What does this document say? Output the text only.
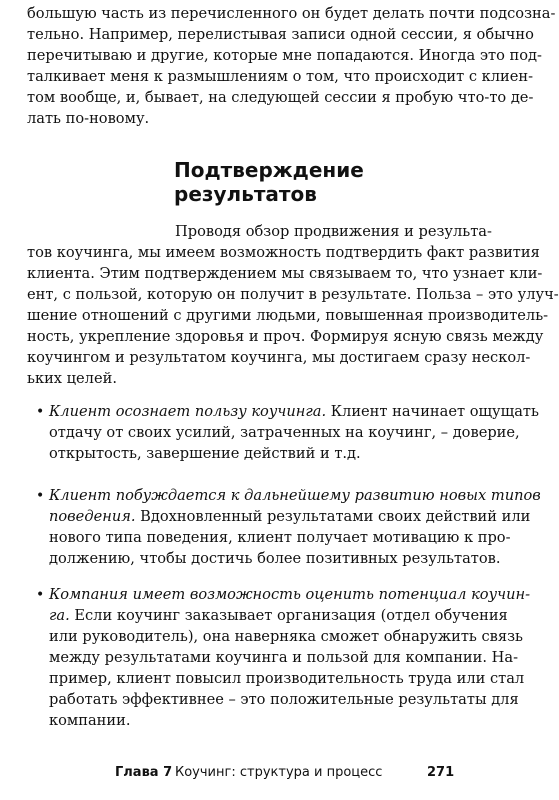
большую часть из перечисленного он будет делать почти подсозна-
тельно. Например, перелистывая записи одной сессии, я обычно
перечитываю и другие, которые мне попадаются. Иногда это под-
талкивает меня к размышлениям о том, что происходит с клиен-
том вообще, и, бывает, на следующей сессии я пробую что-то де-
лать по-новому.
Подтверждение
результатов
Проводя обзор продвижения и результа-
тов коучинга, мы имеем возможность подтвердить факт развития
клиента. Этим подтверждением мы связываем то, что узнает кли-
ент, с пользой, которую он получит в результате. Польза – это улуч-
шение отношений с другими людьми, повышенная производитель-
ность, укрепление здоровья и проч. Формируя ясную связь между
коучингом и результатом коучинга, мы достигаем сразу нескол-
ьких целей.
• Клиент осознает пользу коучинга. Клиент начинает ощущать
отдачу от своих усилий, затраченных на коучинг, – доверие,
открытость, завершение действий и т.д.
• Клиент побуждается к дальнейшему развитию новых типов
поведения. Вдохновленный результатами своих действий или
нового типа поведения, клиент получает мотивацию к про-
должению, чтобы достичь более позитивных результатов.
• Компания имеет возможность оценить потенциал коучин-
га. Если коучинг заказывает организация (отдел обучения
или руководитель), она наверняка сможет обнаружить связь
между результатами коучинга и пользой для компании. На-
пример, клиент повысил производительность труда или стал
работать эффективнее – это положительные результаты для
компании.
Глава 7 Коучинг: структура и процесс	271
